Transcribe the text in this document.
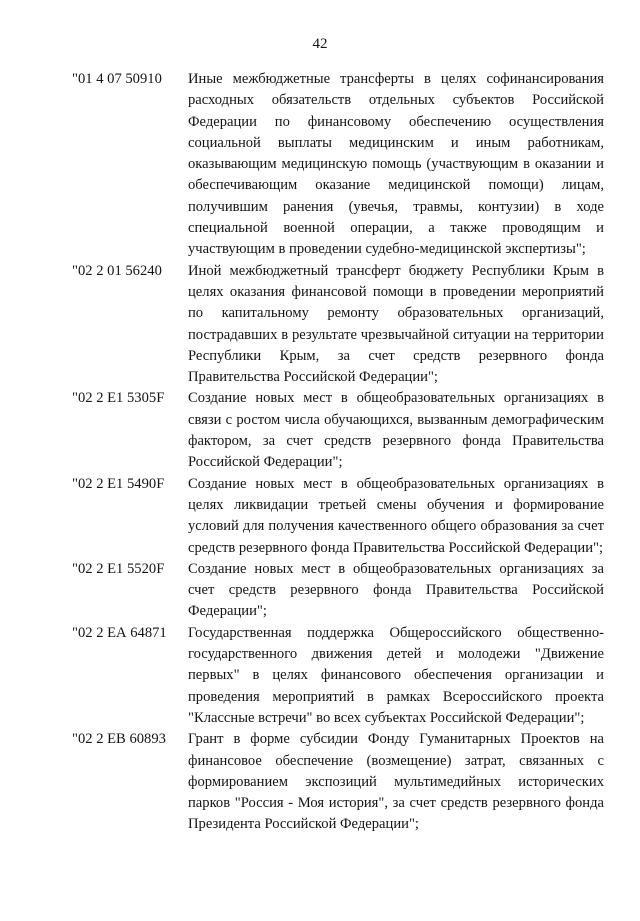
42
"01 4 07 50910	Иные межбюджетные трансферты в целях софинансирования расходных обязательств отдельных субъектов Российской Федерации по финансовому обеспечению осуществления социальной выплаты медицинским и иным работникам, оказывающим медицинскую помощь (участвующим в оказании и обеспечивающим оказание медицинской помощи) лицам, получившим ранения (увечья, травмы, контузии) в ходе специальной военной операции, а также проводящим и участвующим в проведении судебно-медицинской экспертизы";
"02 2 01 56240	Иной межбюджетный трансферт бюджету Республики Крым в целях оказания финансовой помощи в проведении мероприятий по капитальному ремонту образовательных организаций, пострадавших в результате чрезвычайной ситуации на территории Республики Крым, за счет средств резервного фонда Правительства Российской Федерации";
"02 2 Е1 5305F	Создание новых мест в общеобразовательных организациях в связи с ростом числа обучающихся, вызванным демографическим фактором, за счет средств резервного фонда Правительства Российской Федерации";
"02 2 Е1 5490F	Создание новых мест в общеобразовательных организациях в целях ликвидации третьей смены обучения и формирование условий для получения качественного общего образования за счет средств резервного фонда Правительства Российской Федерации";
"02 2 Е1 5520F	Создание новых мест в общеобразовательных организациях за счет средств резервного фонда Правительства Российской Федерации";
"02 2 ЕА 64871	Государственная поддержка Общероссийского общественно-государственного движения детей и молодежи "Движение первых" в целях финансового обеспечения организации и проведения мероприятий в рамках Всероссийского проекта "Классные встречи" во всех субъектах Российской Федерации";
"02 2 ЕВ 60893	Грант в форме субсидии Фонду Гуманитарных Проектов на финансовое обеспечение (возмещение) затрат, связанных с формированием экспозиций мультимедийных исторических парков "Россия - Моя история", за счет средств резервного фонда Президента Российской Федерации";
